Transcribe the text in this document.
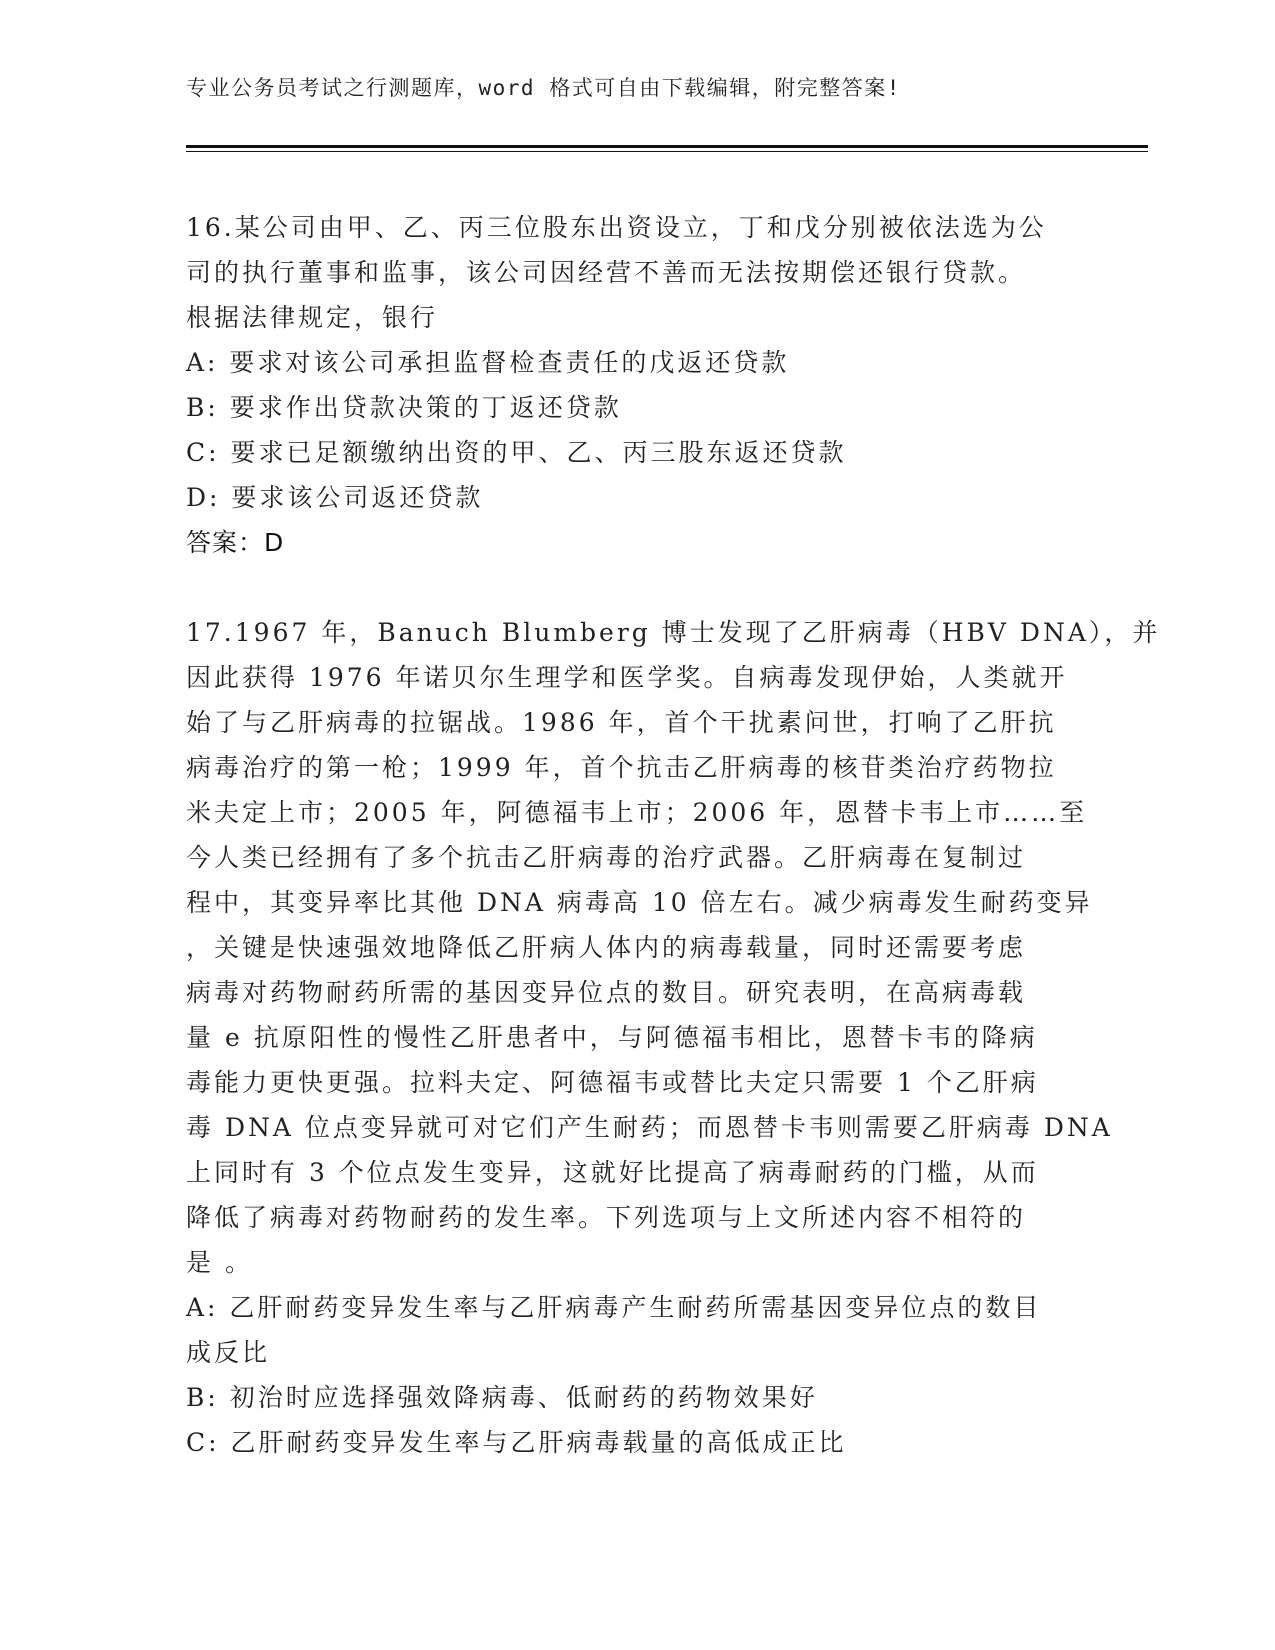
专业公务员考试之行测题库，word 格式可自由下载编辑，附完整答案!

16.某公司由甲、乙、丙三位股东出资设立，丁和戊分别被依法选为公

司的执行董事和监事，该公司因经营不善而无法按期偿还银行贷款。

根据法律规定，银行

A: 要求对该公司承担监督检查责任的戊返还贷款

B: 要求作出贷款决策的丁返还贷款

C: 要求已足额缴纳出资的甲、乙、丙三股东返还贷款

D: 要求该公司返还贷款

答案：D

17.1967 年，Banuch Blumberg 博士发现了乙肝病毒（HBV DNA），并

因此获得 1976 年诺贝尔生理学和医学奖。自病毒发现伊始，人类就开

始了与乙肝病毒的拉锯战。1986 年，首个干扰素问世，打响了乙肝抗

病毒治疗的第一枪；1999 年，首个抗击乙肝病毒的核苷类治疗药物拉

米夫定上市；2005 年，阿德福韦上市；2006 年，恩替卡韦上市……至

今人类已经拥有了多个抗击乙肝病毒的治疗武器。乙肝病毒在复制过

程中，其变异率比其他 DNA 病毒高 10 倍左右。减少病毒发生耐药变异

，关键是快速强效地降低乙肝病人体内的病毒载量，同时还需要考虑

病毒对药物耐药所需的基因变异位点的数目。研究表明，在高病毒载

量 e 抗原阳性的慢性乙肝患者中，与阿德福韦相比，恩替卡韦的降病

毒能力更快更强。拉料夫定、阿德福韦或替比夫定只需要 1 个乙肝病

毒 DNA 位点变异就可对它们产生耐药；而恩替卡韦则需要乙肝病毒 DNA

上同时有 3 个位点发生变异，这就好比提高了病毒耐药的门槛，从而

降低了病毒对药物耐药的发生率。下列选项与上文所述内容不相符的

是 。

A: 乙肝耐药变异发生率与乙肝病毒产生耐药所需基因变异位点的数目

成反比

B: 初治时应选择强效降病毒、低耐药的药物效果好

C: 乙肝耐药变异发生率与乙肝病毒载量的高低成正比
